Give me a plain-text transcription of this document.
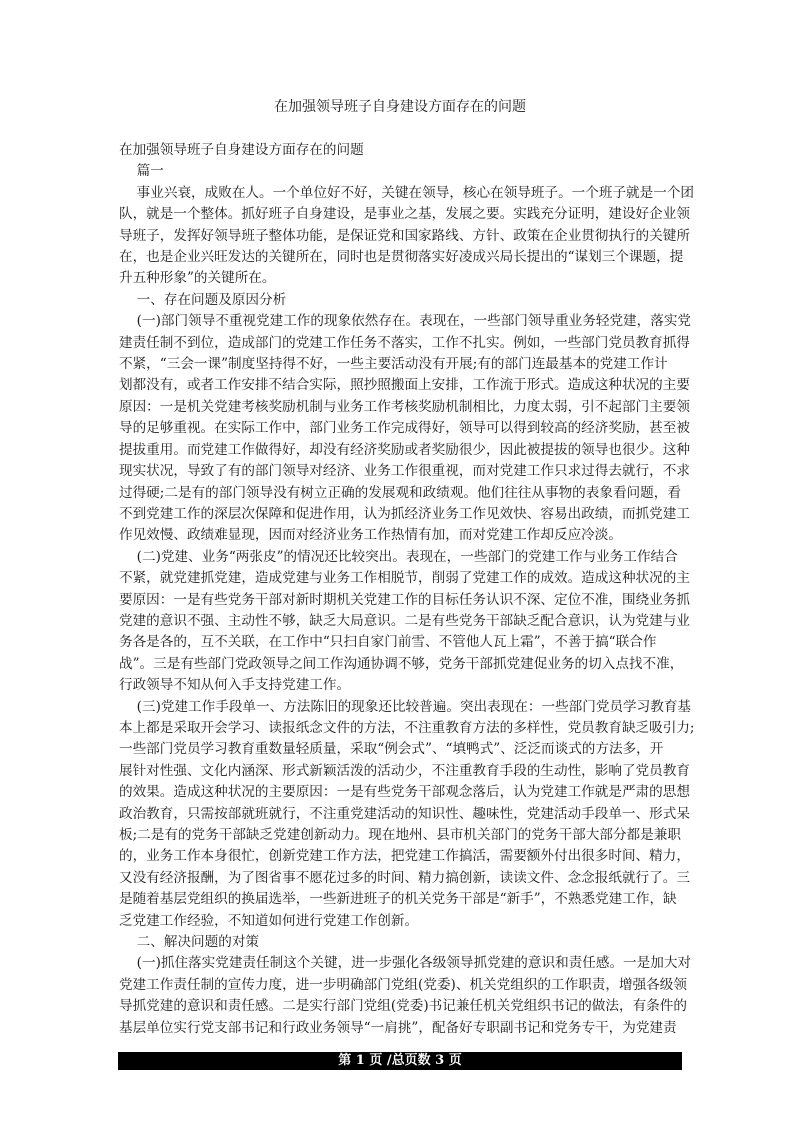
在加强领导班子自身建设方面存在的问题
在加强领导班子自身建设方面存在的问题
篇一
事业兴衰，成败在人。一个单位好不好，关键在领导，核心在领导班子。一个班子就是一个团
队，就是一个整体。抓好班子自身建设，是事业之基，发展之要。实践充分证明，建设好企业领
导班子，发挥好领导班子整体功能，是保证党和国家路线、方针、政策在企业贯彻执行的关键所
在，也是企业兴旺发达的关键所在，同时也是贯彻落实好凌成兴局长提出的“谋划三个课题，提
升五种形象”的关键所在。
一、存在问题及原因分析
(一)部门领导不重视党建工作的现象依然存在。表现在，一些部门领导重业务轻党建，落实党
建责任制不到位，造成部门的党建工作任务不落实，工作不扎实。例如，一些部门党员教育抓得
不紧，“三会一课”制度坚持得不好，一些主要活动没有开展;有的部门连最基本的党建工作计
划都没有，或者工作安排不结合实际，照抄照搬面上安排，工作流于形式。造成这种状况的主要
原因：一是机关党建考核奖励机制与业务工作考核奖励机制相比，力度太弱，引不起部门主要领
导的足够重视。在实际工作中，部门业务工作完成得好，领导可以得到较高的经济奖励，甚至被
提拔重用。而党建工作做得好，却没有经济奖励或者奖励很少，因此被提拔的领导也很少。这种
现实状况，导致了有的部门领导对经济、业务工作很重视，而对党建工作只求过得去就行，不求
过得硬;二是有的部门领导没有树立正确的发展观和政绩观。他们往往从事物的表象看问题，看
不到党建工作的深层次保障和促进作用，认为抓经济业务工作见效快、容易出政绩，而抓党建工
作见效慢、政绩难显现，因而对经济业务工作热情有加，而对党建工作却反应冷淡。
(二)党建、业务“两张皮”的情况还比较突出。表现在，一些部门的党建工作与业务工作结合
不紧，就党建抓党建，造成党建与业务工作相脱节，削弱了党建工作的成效。造成这种状况的主
要原因：一是有些党务干部对新时期机关党建工作的目标任务认识不深、定位不准，围绕业务抓
党建的意识不强、主动性不够，缺乏大局意识。二是有些党务干部缺乏配合意识，认为党建与业
务各是各的，互不关联，在工作中“只扫自家门前雪、不管他人瓦上霜”，不善于搞“联合作
战”。三是有些部门党政领导之间工作沟通协调不够，党务干部抓党建促业务的切入点找不准，
行政领导不知从何入手支持党建工作。
(三)党建工作手段单一、方法陈旧的现象还比较普遍。突出表现在：一些部门党员学习教育基
本上都是采取开会学习、读报纸念文件的方法，不注重教育方法的多样性，党员教育缺乏吸引力;
一些部门党员学习教育重数量轻质量，采取“例会式”、“填鸭式”、泛泛而谈式的方法多，开
展针对性强、文化内涵深、形式新颖活泼的活动少，不注重教育手段的生动性，影响了党员教育
的效果。造成这种状况的主要原因：一是有些党务干部观念落后，认为党建工作就是严肃的思想
政治教育，只需按部就班就行，不注重党建活动的知识性、趣味性，党建活动手段单一、形式呆
板;二是有的党务干部缺乏党建创新动力。现在地州、县市机关部门的党务干部大部分都是兼职
的，业务工作本身很忙，创新党建工作方法，把党建工作搞活，需要额外付出很多时间、精力，
又没有经济报酬，为了图省事不愿花过多的时间、精力搞创新，读读文件、念念报纸就行了。三
是随着基层党组织的换届选举，一些新进班子的机关党务干部是“新手”，不熟悉党建工作，缺
乏党建工作经验，不知道如何进行党建工作创新。
二、解决问题的对策
(一)抓住落实党建责任制这个关键，进一步强化各级领导抓党建的意识和责任感。一是加大对
党建工作责任制的宣传力度，进一步明确部门党组(党委)、机关党组织的工作职责，增强各级领
导抓党建的意识和责任感。二是实行部门党组(党委)书记兼任机关党组织书记的做法，有条件的
基层单位实行党支部书记和行政业务领导“一肩挑”，配备好专职副书记和党务专干，为党建责
第 1 页 /总页数 3 页
